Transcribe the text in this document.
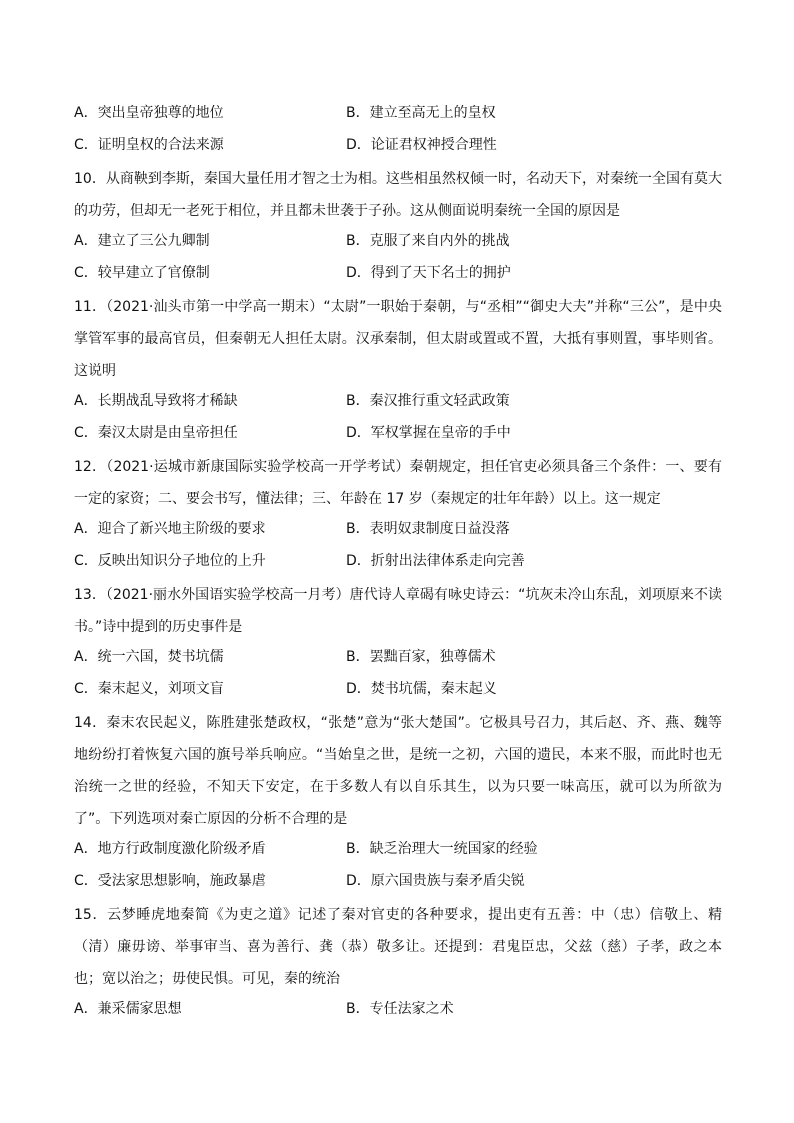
A．突出皇帝独尊的地位	B．建立至高无上的皇权
C．证明皇权的合法来源	D．论证君权神授合理性
10．从商鞅到李斯，秦国大量任用才智之士为相。这些相虽然权倾一时，名动天下，对秦统一全国有莫大的功劳，但却无一老死于相位，并且都未世袭于子孙。这从侧面说明秦统一全国的原因是
A．建立了三公九卿制	B．克服了来自内外的挑战
C．较早建立了官僚制	D．得到了天下名士的拥护
11．（2021·汕头市第一中学高一期末）“太尉”一职始于秦朝，与“丞相”“御史大夫”并称“三公”，是中央掌管军事的最高官员，但秦朝无人担任太尉。汉承秦制，但太尉或置或不置，大抵有事则置，事毕则省。这说明
A．长期战乱导致将才稀缺	B．秦汉推行重文轻武政策
C．秦汉太尉是由皇帝担任	D．军权掌握在皇帝的手中
12．（2021·运城市新康国际实验学校高一开学考试）秦朝规定，担任官吏必须具备三个条件：一、要有一定的家资；二、要会书写，懂法律；三、年龄在 17 岁（秦规定的壮年年龄）以上。这一规定
A．迎合了新兴地主阶级的要求	B．表明奴隶制度日益没落
C．反映出知识分子地位的上升	D．折射出法律体系走向完善
13．（2021·丽水外国语实验学校高一月考）唐代诗人章碣有咏史诗云：“坑灰未冷山东乱，刘项原来不读书。”诗中提到的历史事件是
A．统一六国，焚书坑儒	B．罢黜百家，独尊儒术
C．秦末起义，刘项文盲	D．焚书坑儒，秦末起义
14．秦末农民起义，陈胜建张楚政权，“张楚”意为“张大楚国”。它极具号召力，其后赵、齐、燕、魏等地纷纷打着恢复六国的旗号举兵响应。“当始皇之世，是统一之初，六国的遗民，本来不服，而此时也无治统一之世的经验，不知天下安定，在于多数人有以自乐其生，以为只要一味高压，就可以为所欲为了”。下列选项对秦亡原因的分析不合理的是
A．地方行政制度激化阶级矛盾	B．缺乏治理大一统国家的经验
C．受法家思想影响，施政暴虐	D．原六国贵族与秦矛盾尖锐
15．云梦睡虎地秦简《为吏之道》记述了秦对官吏的各种要求，提出吏有五善：中（忠）信敬上、精（清）廉毋谤、举事审当、喜为善行、龚（恭）敬多让。还提到：君鬼臣忠，父兹（慈）子孝，政之本也；宽以治之；毋使民惧。可见，秦的统治
A．兼采儒家思想	B．专任法家之术
